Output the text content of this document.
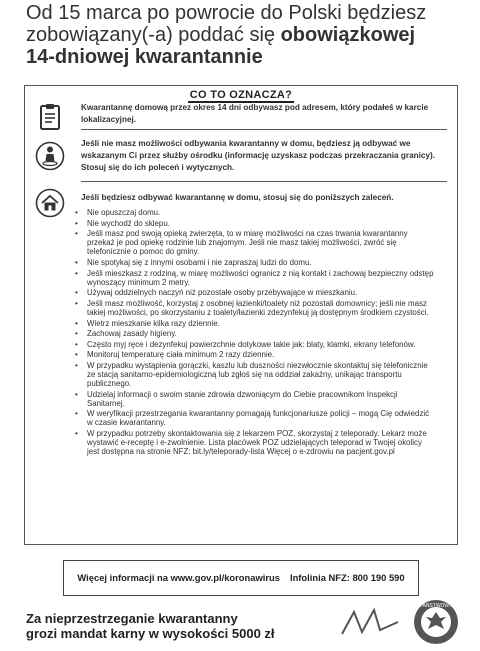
Od 15 marca po powrocie do Polski będziesz
zobowiązany(-a) poddać się obowiązkowej
14-dniowej kwarantannie
CO TO OZNACZA?
Kwarantannę domową przez okres 14 dni odbywasz pod adresem, który podałeś w karcie lokalizacyjnej.
Jeśli nie masz możliwości odbywania kwarantanny w domu, będziesz ją odbywać we wskazanym Ci przez służby ośrodku (informację uzyskasz podczas przekraczania granicy). Stosuj się do ich poleceń i wytycznych.
Jeśli będziesz odbywać kwarantannę w domu, stosuj się do poniższych zaleceń.
• Nie opuszczaj domu.
• Nie wychodź do sklepu.
• Jeśli masz pod swoją opieką zwierzęta, to w miarę możliwości na czas trwania kwarantanny przekaż je pod opiekę rodzinie lub znajomym. Jeśli nie masz takiej możliwości, zwróć się telefonicznie o pomoc do gminy.
• Nie spotykaj się z innymi osobami i nie zapraszaj ludzi do domu.
• Jeśli mieszkasz z rodziną, w miarę możliwości ogranicz z nią kontakt i zachowaj bezpieczny odstęp wynoszący minimum 2 metry.
• Używaj oddzielnych naczyń niż pozostałe osoby przebywające w mieszkaniu.
• Jeśli masz możliwość, korzystaj z osobnej łazienki/toalety niż pozostali domownicy; jeśli nie masz takiej możliwości, po skorzystaniu z toalety/łazienki zdezynfekuj ją dostępnym środkiem czystości.
• Wietrz mieszkanie kilka razy dziennie.
• Zachowaj zasady higieny.
• Często myj ręce i dezynfekuj powierzchnie dotykowe takie jak: blaty, klamki, ekrany telefonów.
• Monitoruj temperaturę ciała minimum 2 razy dziennie.
• W przypadku wystąpienia gorączki, kaszlu lub duszności niezwłocznie skontaktuj się telefonicznie ze stacją sanitarno-epidemiologiczną lub zgłoś się na oddział zakaźny, unikając transportu publicznego.
• Udzielaj informacji o swoim stanie zdrowia dzwoniącym do Ciebie pracownikom Inspekcji Sanitarnej.
• W weryfikacji przestrzegania kwarantanny pomagają funkcjonariusze policji – mogą Cię odwiedzić w czasie kwarantanny.
• W przypadku potrzeby skontaktowania się z lekarzem POZ, skorzystaj z teleporady. Lekarz może wystawić e-receptę i e-zwolnienie. Lista placówek POZ udzielających teleporad w Twojej okolicy jest dostępna na stronie NFZ: bit.ly/teleporady-lista Więcej o e-zdrowiu na pacjent.gov.pl
Więcej informacji na www.gov.pl/koronawirus Infolinia NFZ: 800 190 590
Za nieprzestrzeganie kwarantanny
grozi mandat karny w wysokości 5000 zł
PAŃSTWOWY
